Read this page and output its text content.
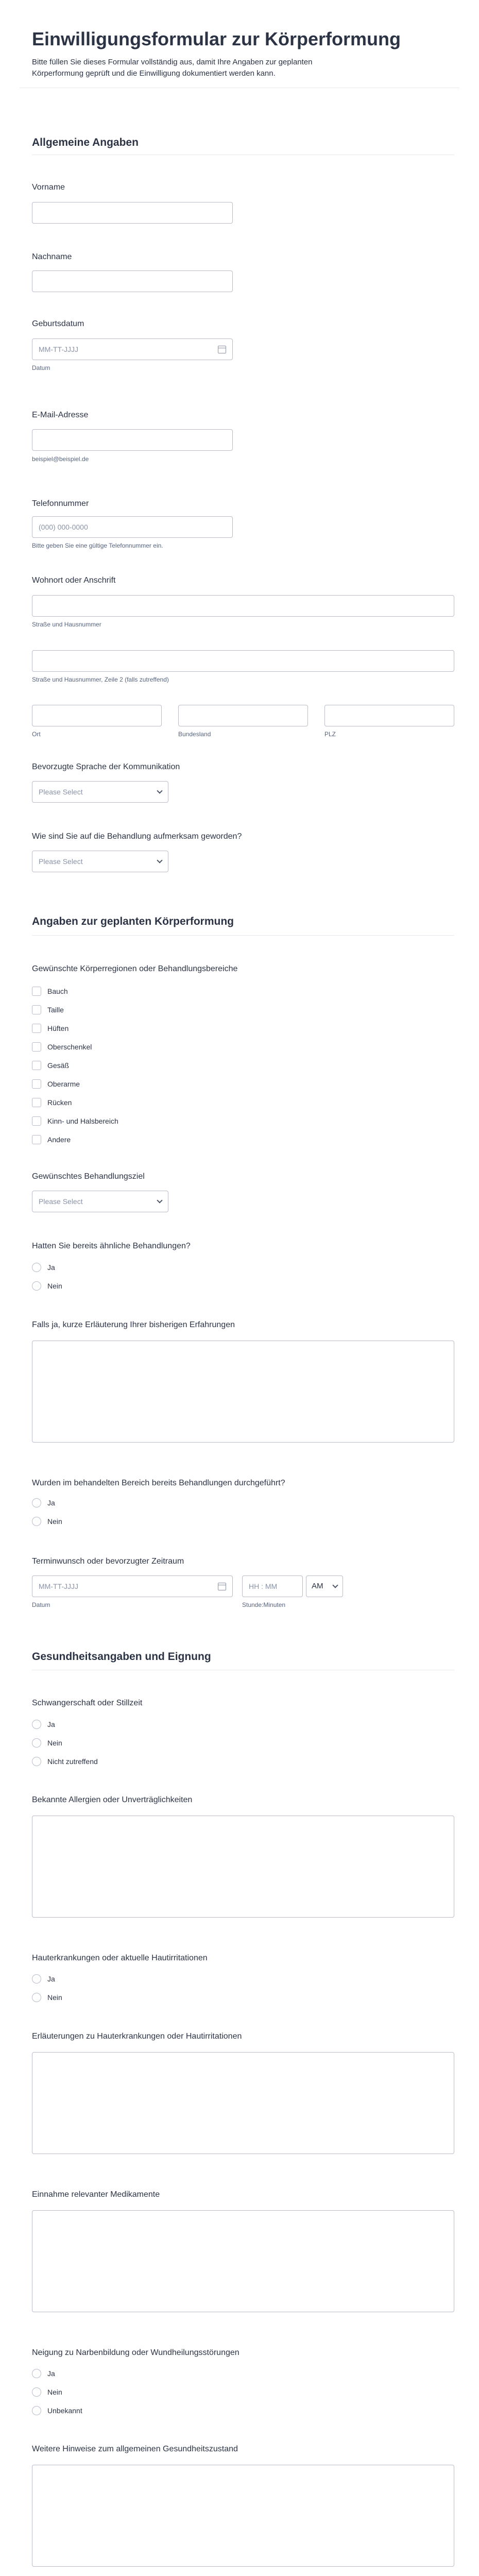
Einwilligungsformular zur Körperformung
Bitte füllen Sie dieses Formular vollständig aus, damit Ihre Angaben zur geplanten Körperformung geprüft und die Einwilligung dokumentiert werden kann.
Allgemeine Angaben
Vorname
Nachname
Geburtsdatum
MM-TT-JJJJ
Datum
E-Mail-Adresse
beispiel@beispiel.de
Telefonnummer
(000) 000-0000
Bitte geben Sie eine gültige Telefonnummer ein.
Wohnort oder Anschrift
Straße und Hausnummer
Straße und Hausnummer, Zeile 2 (falls zutreffend)
Ort	Bundesland	PLZ
Bevorzugte Sprache der Kommunikation
Please Select
Wie sind Sie auf die Behandlung aufmerksam geworden?
Please Select
Angaben zur geplanten Körperformung
Gewünschte Körperregionen oder Behandlungsbereiche
Bauch
Taille
Hüften
Oberschenkel
Gesäß
Oberarme
Rücken
Kinn- und Halsbereich
Andere
Gewünschtes Behandlungsziel
Please Select
Hatten Sie bereits ähnliche Behandlungen?
Ja
Nein
Falls ja, kurze Erläuterung Ihrer bisherigen Erfahrungen
Wurden im behandelten Bereich bereits Behandlungen durchgeführt?
Ja
Nein
Terminwunsch oder bevorzugter Zeitraum
MM-TT-JJJJ	HH : MM	AM
Datum	Stunde:Minuten
Gesundheitsangaben und Eignung
Schwangerschaft oder Stillzeit
Ja
Nein
Nicht zutreffend
Bekannte Allergien oder Unverträglichkeiten
Hauterkrankungen oder aktuelle Hautirritationen
Ja
Nein
Erläuterungen zu Hauterkrankungen oder Hautirritationen
Einnahme relevanter Medikamente
Neigung zu Narbenbildung oder Wundheilungsstörungen
Ja
Nein
Unbekannt
Weitere Hinweise zum allgemeinen Gesundheitszustand
